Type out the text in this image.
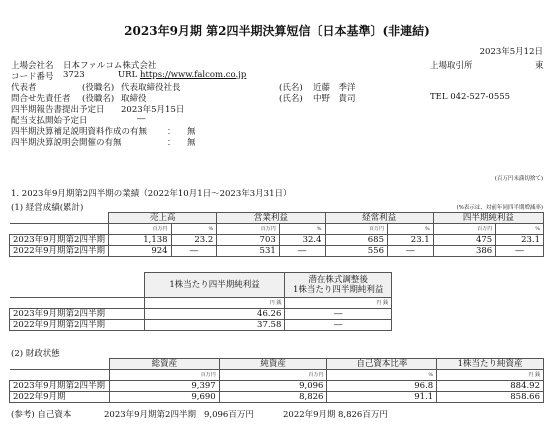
2023年9月期 第2四半期決算短信〔日本基準〕(非連結)
2023年5月12日
上場会社名 日本ファルコム株式会社	上場取引所	東
コード番号 3723	URL https://www.falcom.co.jp
代表者	(役職名) 代表取締役社長	(氏名) 近藤　季洋
問合せ先責任者 (役職名) 取締役	(氏名) 中野　貴司	TEL 042-527-0555
四半期報告書提出予定日 2023年5月15日
配当支払開始予定日	―
四半期決算補足説明資料作成の有無 ： 無
四半期決算説明会開催の有無	： 無
(百万円未満切捨て)
1. 2023年9月期第2四半期の業績（2022年10月1日～2023年3月31日）
(1) 経営成績(累計)	(%表示は、対前年同四半期増減率)
	売上高		営業利益		経常利益		四半期純利益	
	百万円	%	百万円	%	百万円	%	百万円	%
2023年9月期第2四半期	1,138	23.2	703	32.4	685	23.1	475	23.1
2022年9月期第2四半期	924	―	531	―	556	―	386	―
	1株当たり四半期純利益	潜在株式調整後
1株当たり四半期純利益
	円 銭	円 銭
2023年9月期第2四半期	46.26	―
2022年9月期第2四半期	37.58	―
(2) 財政状態
	総資産	純資産	自己資本比率	1株当たり純資産
	百万円	百万円	%	円 銭
2023年9月期第2四半期	9,397	9,096	96.8	884.92
2022年9月期	9,690	8,826	91.1	858.66
(参考) 自己資本	2023年9月期第2四半期 9,096百万円	2022年9月期 8,826百万円
